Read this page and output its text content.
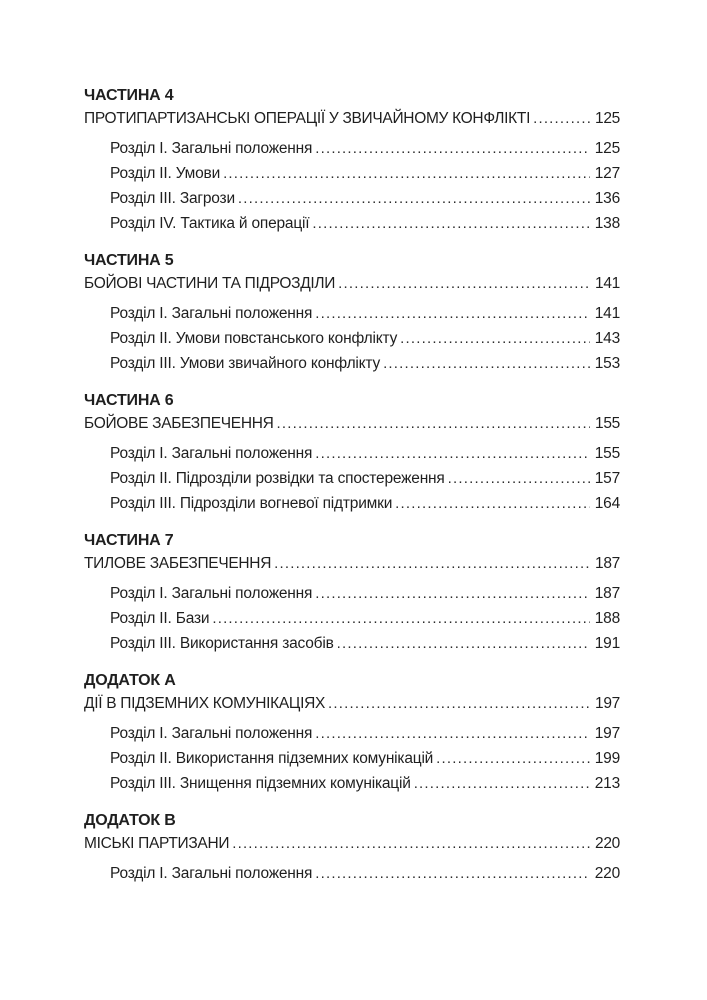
ЧАСТИНА 4
ПРОТИПАРТИЗАНСЬКІ ОПЕРАЦІЇ У ЗВИЧАЙНОМУ КОНФЛІКТІ .....	125
Розділ I. Загальні положення .....	125
Розділ II. Умови .....	127
Розділ III. Загрози .....	136
Розділ IV. Тактика й операції .....	138
ЧАСТИНА 5
БОЙОВІ ЧАСТИНИ ТА ПІДРОЗДІЛИ .....	141
Розділ I. Загальні положення .....	141
Розділ II. Умови повстанського конфлікту .....	143
Розділ III. Умови звичайного конфлікту .....	153
ЧАСТИНА 6
БОЙОВЕ ЗАБЕЗПЕЧЕННЯ .....	155
Розділ I. Загальні положення .....	155
Розділ II. Підрозділи розвідки та спостереження .....	157
Розділ III. Підрозділи вогневої підтримки .....	164
ЧАСТИНА 7
ТИЛОВЕ ЗАБЕЗПЕЧЕННЯ .....	187
Розділ I. Загальні положення .....	187
Розділ II. Бази .....	188
Розділ III. Використання засобів .....	191
ДОДАТОК А
ДІЇ В ПІДЗЕМНИХ КОМУНІКАЦІЯХ .....	197
Розділ I. Загальні положення .....	197
Розділ II. Використання підземних комунікацій .....	199
Розділ III. Знищення підземних комунікацій .....	213
ДОДАТОК В
МІСЬКІ ПАРТИЗАНИ .....	220
Розділ I. Загальні положення .....	220
